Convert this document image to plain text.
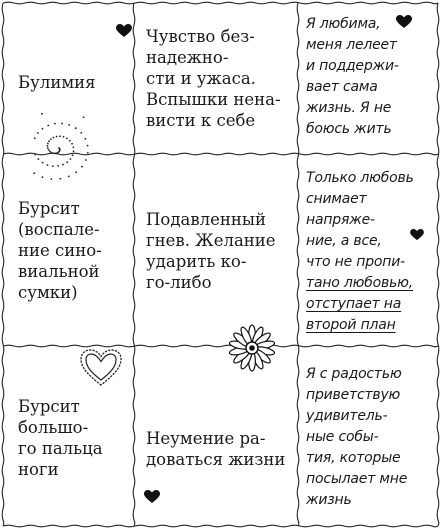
Булимия
Чувство без-
надежно-
сти и ужаса.
Вспышки нена-
висти к себе
Я любима,
меня лелеет
и поддержи-
вает сама
жизнь. Я не
боюсь жить
Бурсит
(воспале-
ние сино-
виальной
сумки)
Подавленный
гнев. Желание
ударить ко-
го-либо
Только любовь
снимает
напряже-
ние, а все,
что не пропи-
тано любовью,
отступает на
второй план
Бурсит
большо-
го пальца
ноги
Неумение ра-
доваться жизни
Я с радостью
приветствую
удивитель-
ные собы-
тия, которые
посылает мне
жизнь
